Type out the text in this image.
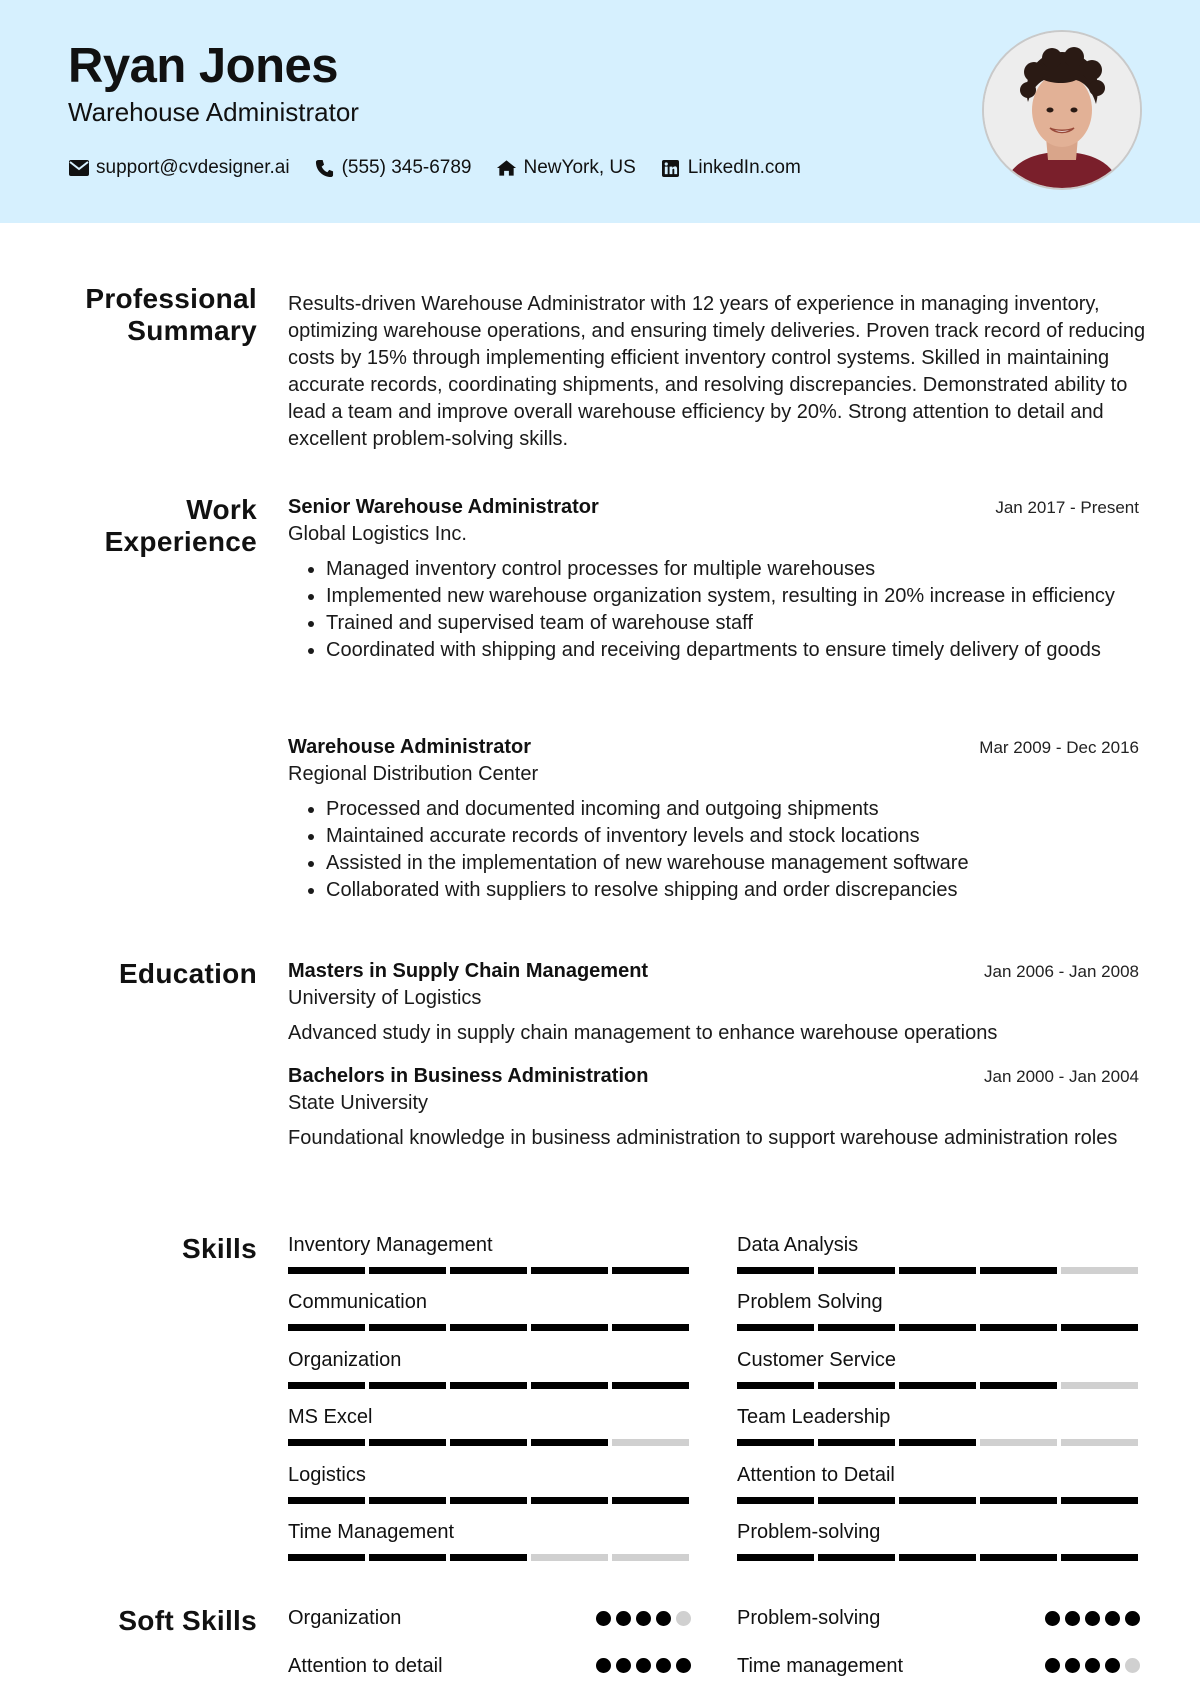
Ryan Jones
Warehouse Administrator
support@cvdesigner.ai	(555) 345-6789	NewYork, US	LinkedIn.com
Professional Summary
Results-driven Warehouse Administrator with 12 years of experience in managing inventory, optimizing warehouse operations, and ensuring timely deliveries. Proven track record of reducing costs by 15% through implementing efficient inventory control systems. Skilled in maintaining accurate records, coordinating shipments, and resolving discrepancies. Demonstrated ability to lead a team and improve overall warehouse efficiency by 20%. Strong attention to detail and excellent problem-solving skills.
Work Experience
Senior Warehouse Administrator	Jan 2017 - Present
Global Logistics Inc.
• Managed inventory control processes for multiple warehouses
• Implemented new warehouse organization system, resulting in 20% increase in efficiency
• Trained and supervised team of warehouse staff
• Coordinated with shipping and receiving departments to ensure timely delivery of goods
Warehouse Administrator	Mar 2009 - Dec 2016
Regional Distribution Center
• Processed and documented incoming and outgoing shipments
• Maintained accurate records of inventory levels and stock locations
• Assisted in the implementation of new warehouse management software
• Collaborated with suppliers to resolve shipping and order discrepancies
Education Masters in Supply Chain Management	Jan 2006 - Jan 2008
University of Logistics
Advanced study in supply chain management to enhance warehouse operations
Bachelors in Business Administration	Jan 2000 - Jan 2004
State University
Foundational knowledge in business administration to support warehouse administration roles
Skills Inventory Management	Data Analysis
Communication	Problem Solving
Organization	Customer Service
MS Excel	Team Leadership
Logistics	Attention to Detail
Time Management	Problem-solving
Soft Skills Organization	Problem-solving
Attention to detail	Time management
